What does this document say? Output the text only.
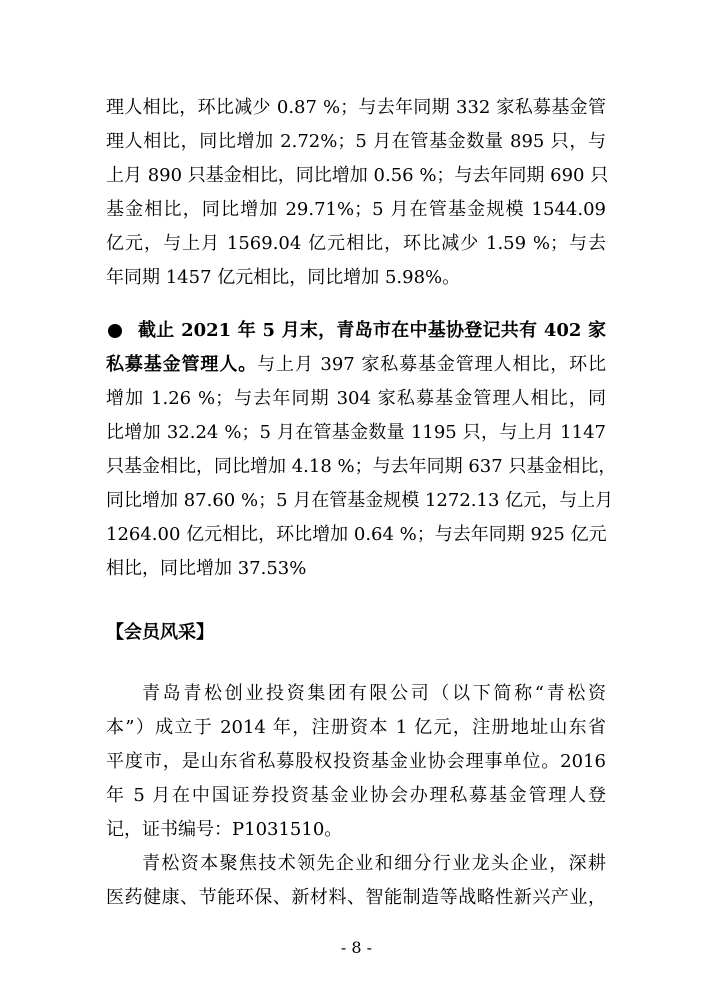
理人相比，环比减少 0.87 %；与去年同期 332 家私募基金管
理人相比，同比增加 2.72%；5 月在管基金数量 895 只，与
上月 890 只基金相比，同比增加 0.56 %；与去年同期 690 只
基金相比，同比增加 29.71%；5 月在管基金规模 1544.09
亿元，与上月 1569.04 亿元相比，环比减少 1.59 %；与去
年同期 1457 亿元相比，同比增加 5.98%。
截止 2021 年 5 月末，青岛市在中基协登记共有 402 家
私募基金管理人。与上月 397 家私募基金管理人相比，环比
增加 1.26 %；与去年同期 304 家私募基金管理人相比，同
比增加 32.24 %；5 月在管基金数量 1195 只，与上月 1147
只基金相比，同比增加 4.18 %；与去年同期 637 只基金相比，
同比增加 87.60 %；5 月在管基金规模 1272.13 亿元，与上月
1264.00 亿元相比，环比增加 0.64 %；与去年同期 925 亿元
相比，同比增加 37.53%
【会员风采】
青岛青松创业投资集团有限公司（以下简称“青松资
本”）成立于 2014 年，注册资本 1 亿元，注册地址山东省
平度市，是山东省私募股权投资基金业协会理事单位。2016
年 5 月在中国证券投资基金业协会办理私募基金管理人登
记，证书编号：P1031510。
青松资本聚焦技术领先企业和细分行业龙头企业，深耕
医药健康、节能环保、新材料、智能制造等战略性新兴产业，
- 8 -
